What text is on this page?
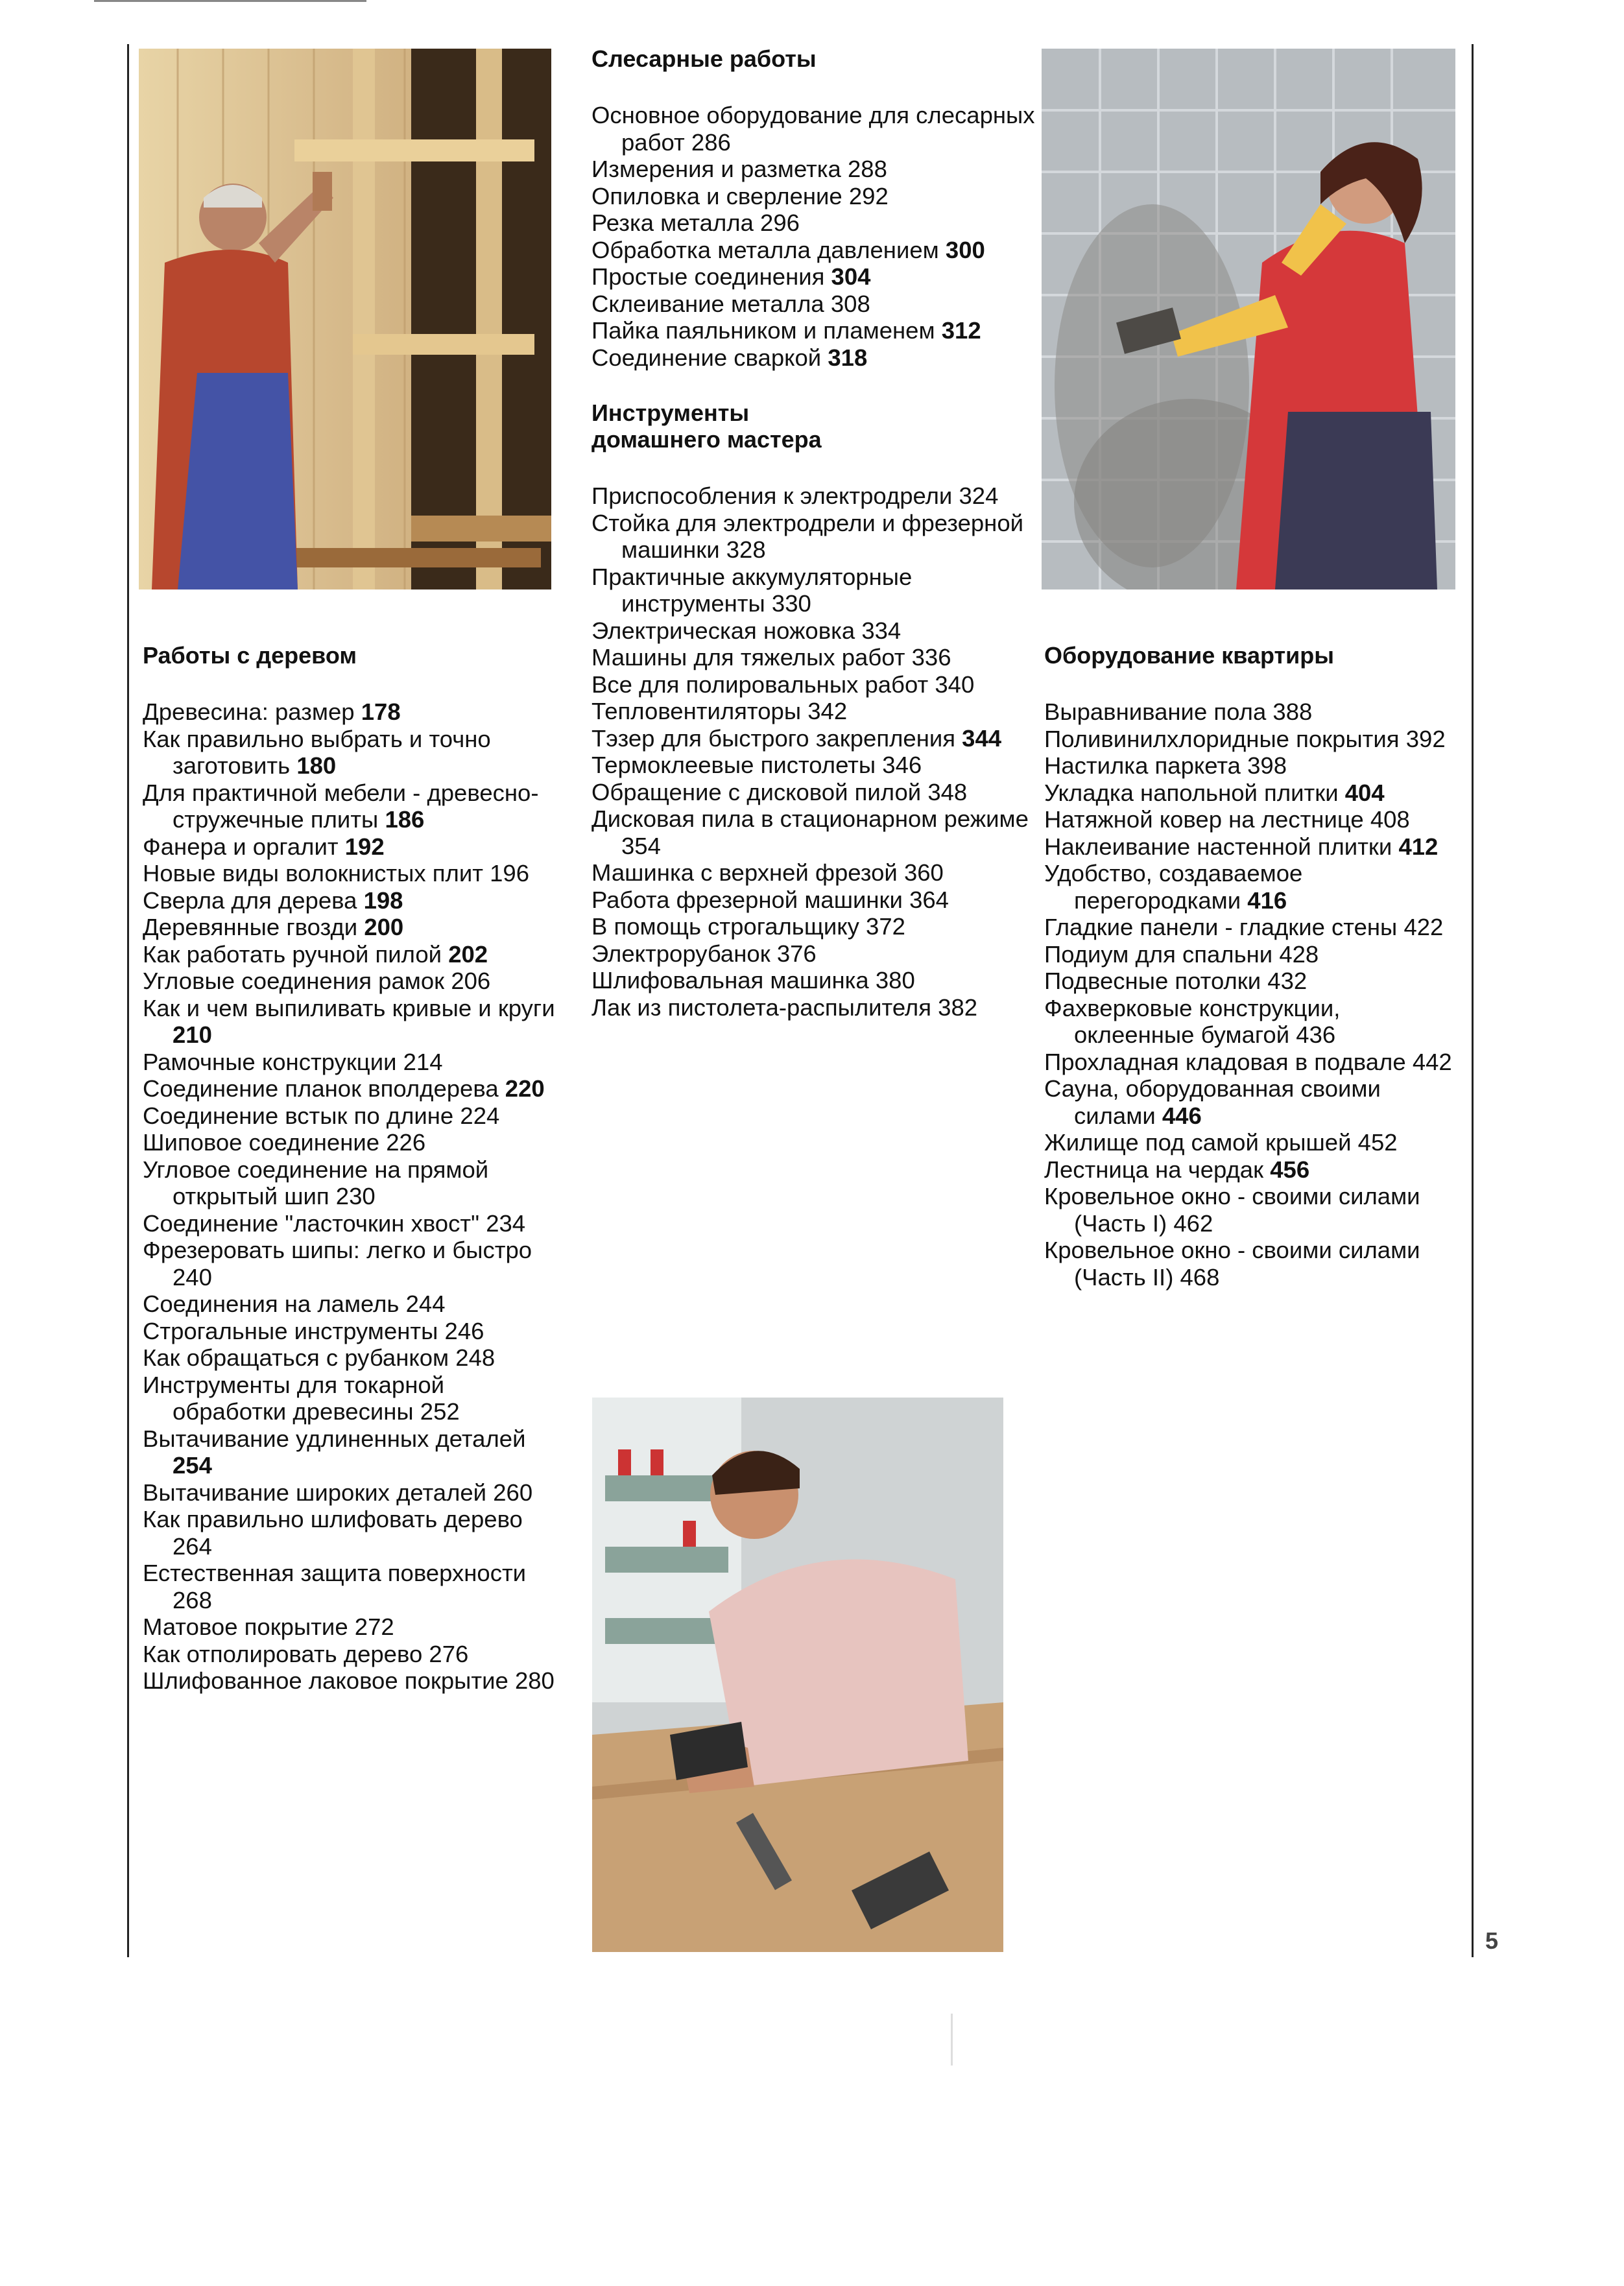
Работы с деревом
Древесина: размер 178
Как правильно выбрать и точно заготовить 180
Для практичной мебели - древесно-стружечные плиты 186
Фанера и оргалит 192
Новые виды волокнистых плит 196
Сверла для дерева 198
Деревянные гвозди 200
Как работать ручной пилой 202
Угловые соединения рамок 206
Как и чем выпиливать кривые и круги 210
Рамочные конструкции 214
Соединение планок вполдерева 220
Соединение встык по длине 224
Шиповое соединение 226
Угловое соединение на прямой открытый шип 230
Соединение "ласточкин хвост" 234
Фрезеровать шипы: легко и быстро 240
Соединения на ламель 244
Строгальные инструменты 246
Как обращаться с рубанком 248
Инструменты для токарной обработки древесины 252
Вытачивание удлиненных деталей 254
Вытачивание широких деталей 260
Как правильно шлифовать дерево 264
Естественная защита поверхности 268
Матовое покрытие 272
Как отполировать дерево 276
Шлифованное лаковое покрытие 280
Слесарные работы
Основное оборудование для слесарных работ 286
Измерения и разметка 288
Опиловка и сверление 292
Резка металла 296
Обработка металла давлением 300
Простые соединения 304
Склеивание металла 308
Пайка паяльником и пламенем 312
Соединение сваркой 318
Инструменты
домашнего мастера
Приспособления к электродрели 324
Стойка для электродрели и фрезерной машинки 328
Практичные аккумуляторные инструменты 330
Электрическая ножовка 334
Машины для тяжелых работ 336
Все для полировальных работ 340
Тепловентиляторы 342
Тэзер для быстрого закрепления 344
Термоклеевые пистолеты 346
Обращение с дисковой пилой 348
Дисковая пила в стационарном режиме 354
Машинка с верхней фрезой 360
Работа фрезерной машинки 364
В помощь строгальщику 372
Электрорубанок 376
Шлифовальная машинка 380
Лак из пистолета-распылителя 382
Оборудование квартиры
Выравнивание пола 388
Поливинилхлоридные покрытия 392
Настилка паркета 398
Укладка напольной плитки 404
Натяжной ковер на лестнице 408
Наклеивание настенной плитки 412
Удобство, создаваемое перегородками 416
Гладкие панели - гладкие стены 422
Подиум для спальни 428
Подвесные потолки 432
Фахверковые конструкции, оклеенные бумагой 436
Прохладная кладовая в подвале 442
Сауна, оборудованная своими силами 446
Жилище под самой крышей 452
Лестница на чердак 456
Кровельное окно - своими силами (Часть I) 462
Кровельное окно - своими силами (Часть II) 468
5
